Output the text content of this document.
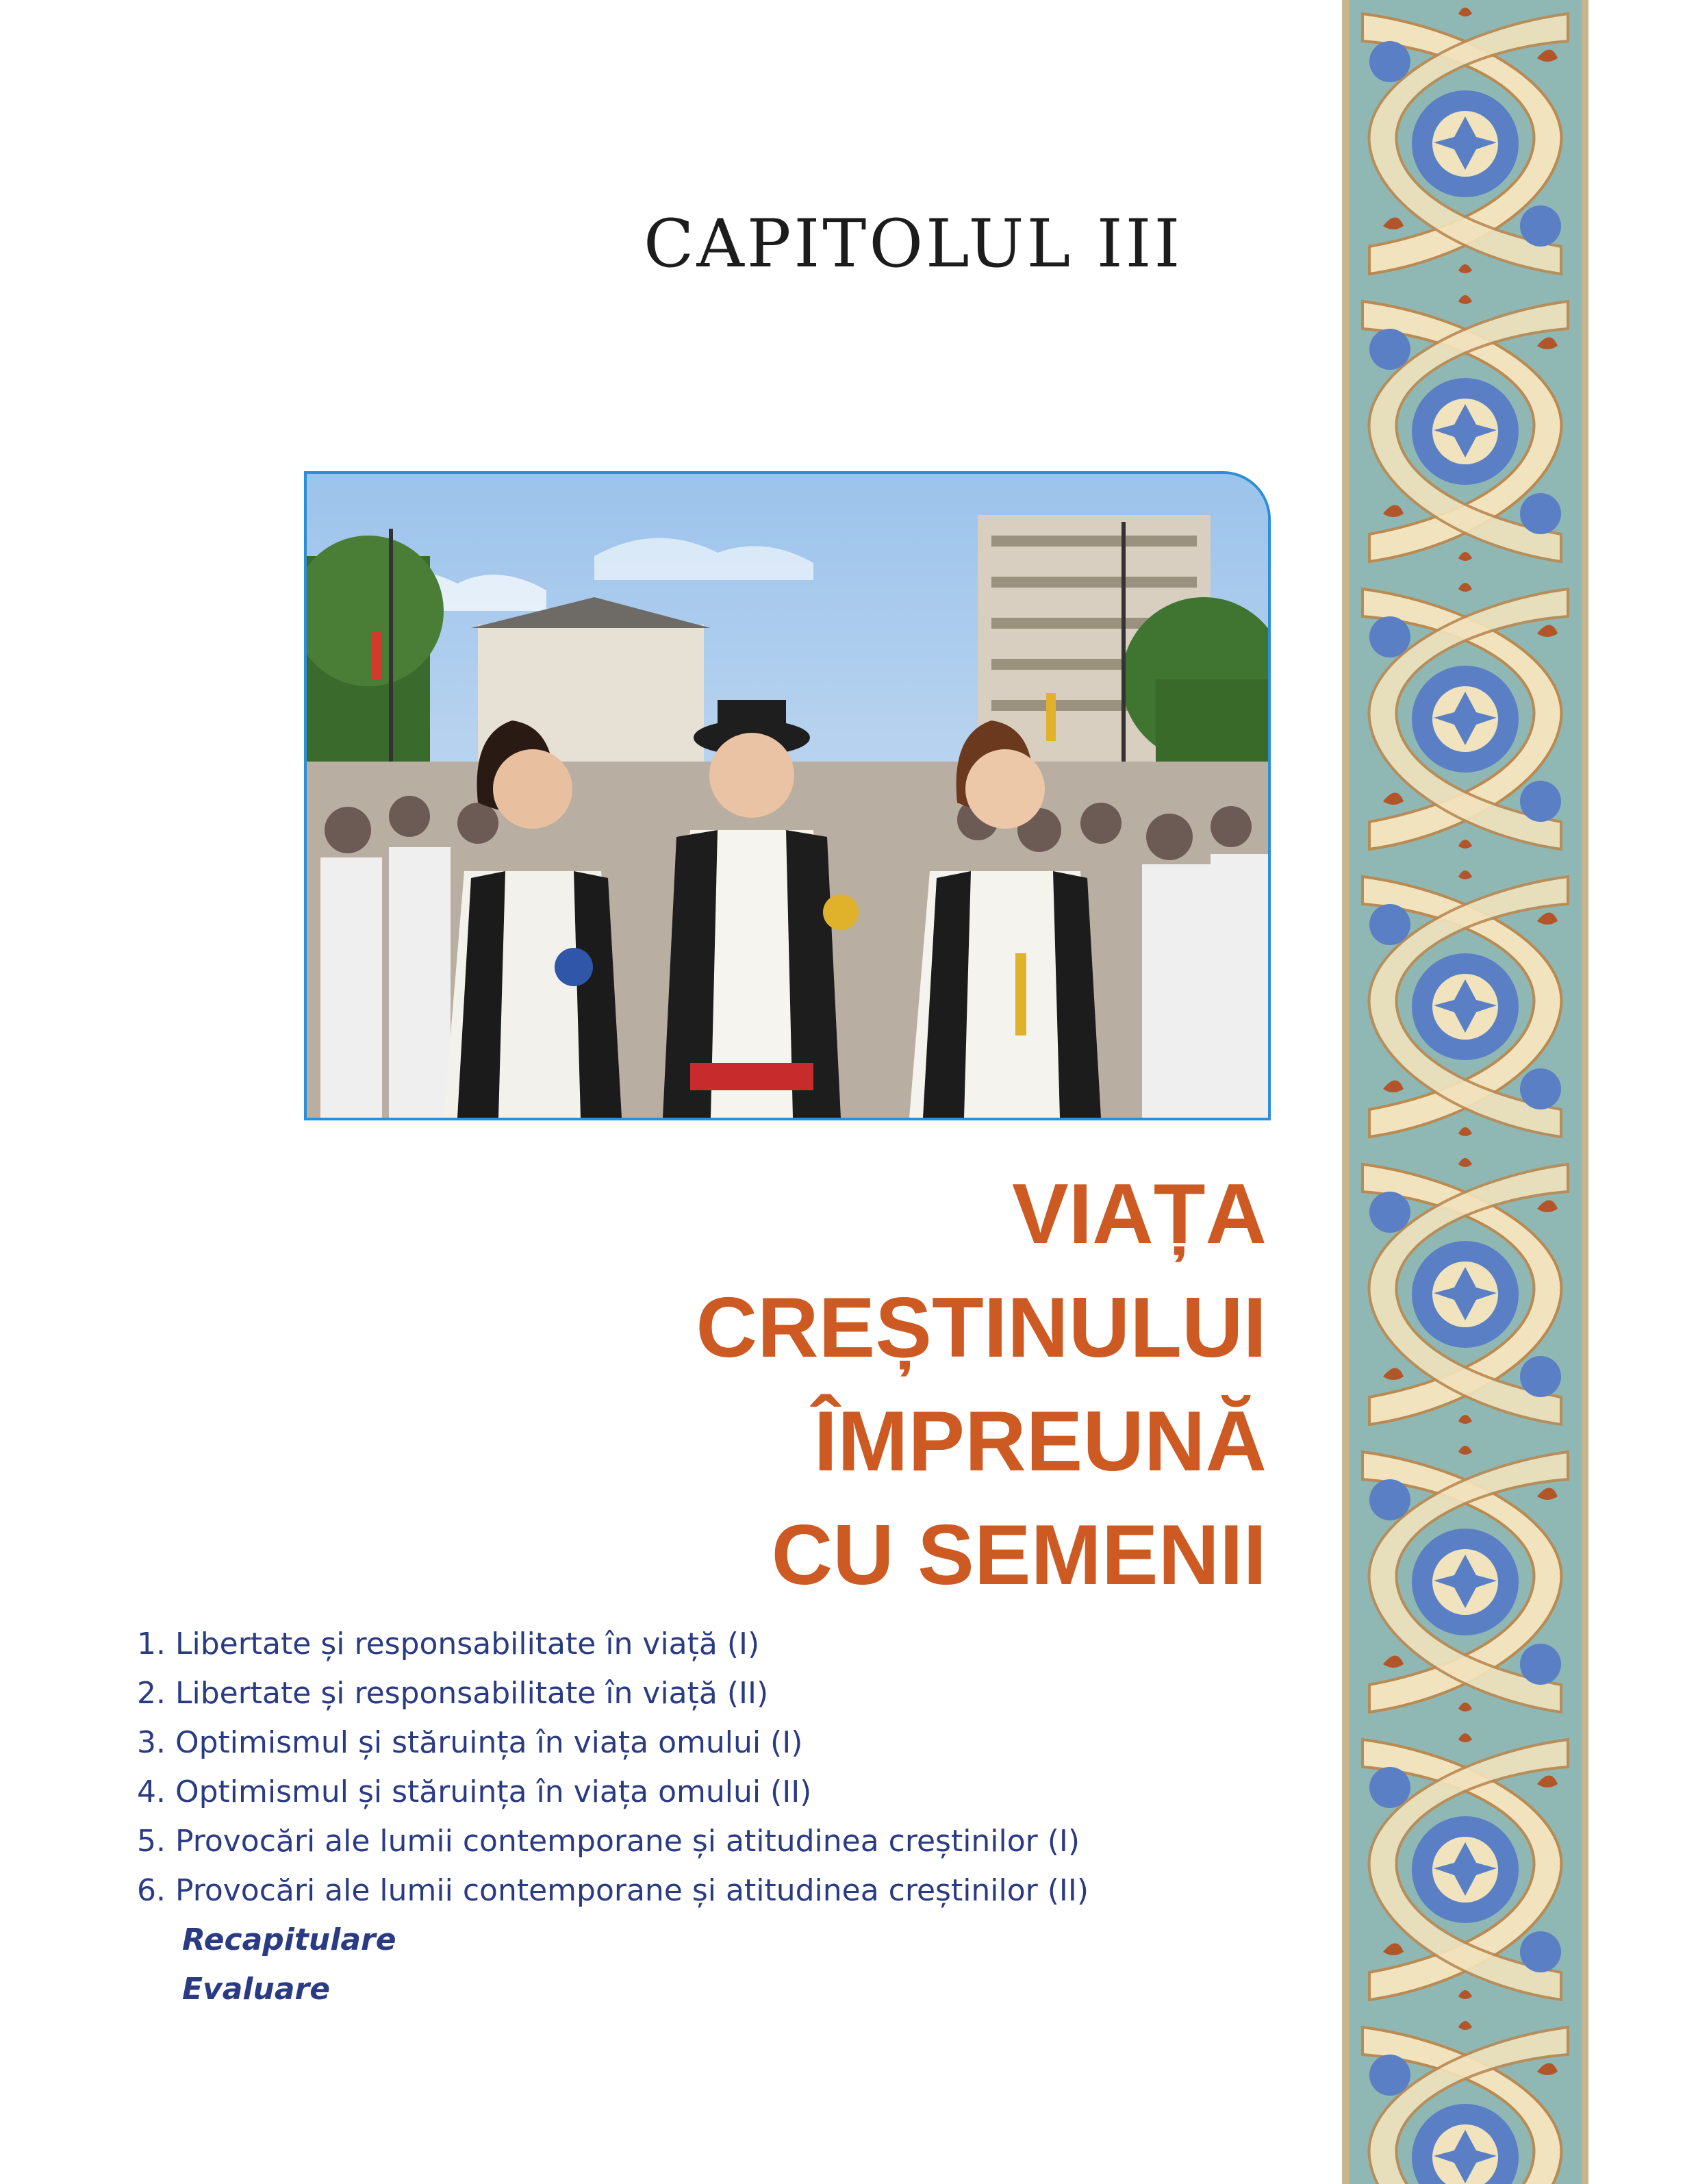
CAPITOLUL III
VIAȚA
CREȘTINULUI
ÎMPREUNĂ
CU SEMENII
1. Libertate și responsabilitate în viață (I)
2. Libertate și responsabilitate în viață (II)
3. Optimismul și stăruința în viața omului (I)
4. Optimismul și stăruința în viața omului (II)
5. Provocări ale lumii contemporane și atitudinea creștinilor (I)
6. Provocări ale lumii contemporane și atitudinea creștinilor (II)
Recapitulare
Evaluare
